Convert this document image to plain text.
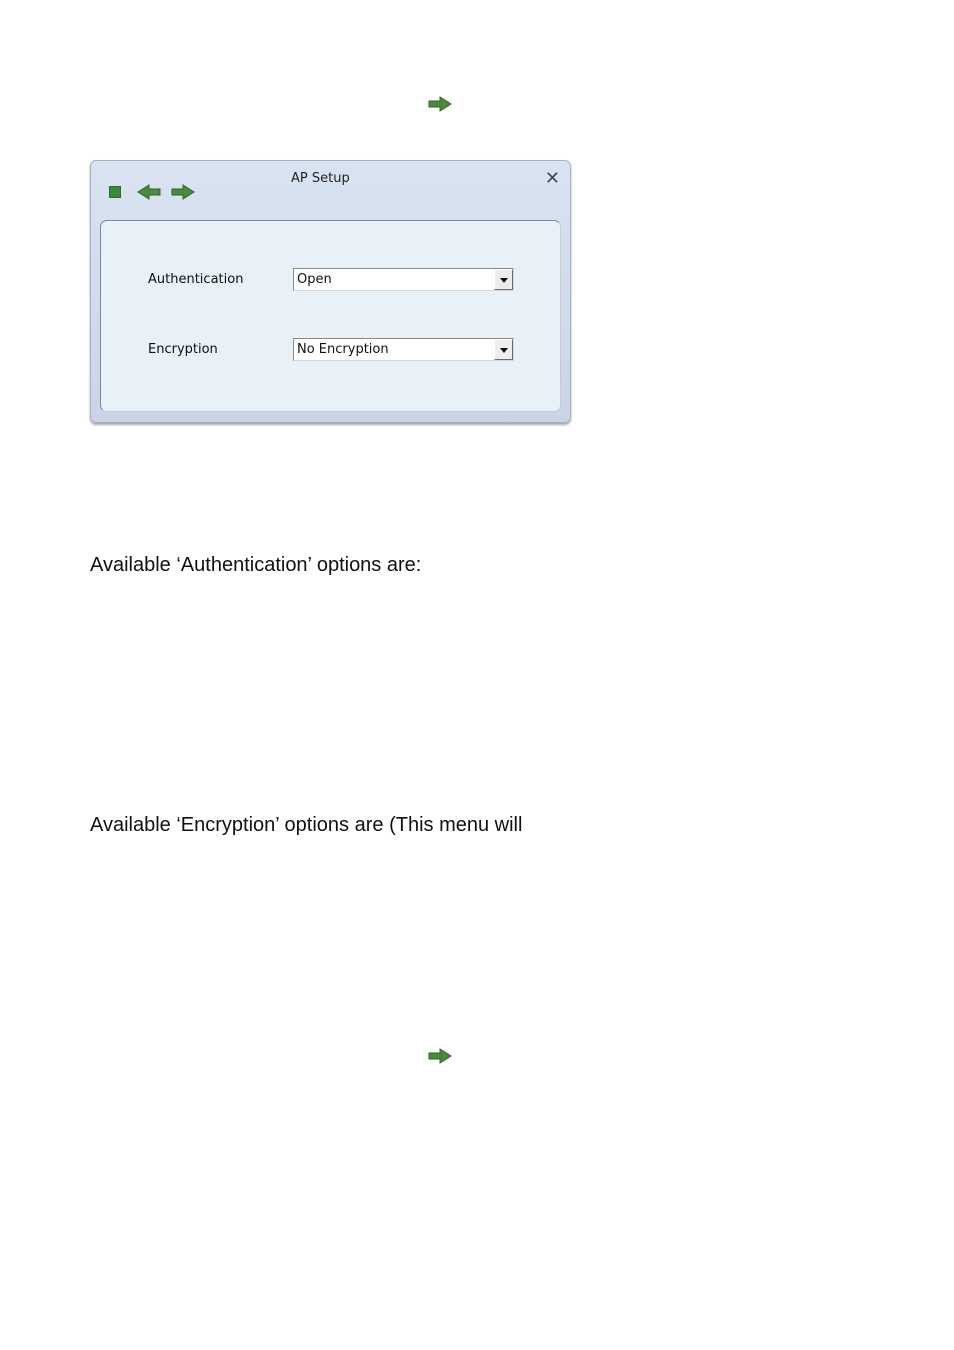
AP Setup	✕
Authentication	Open
Encryption	No Encryption
Available ‘Authentication’ options are:
Available ‘Encryption’ options are (This menu will
